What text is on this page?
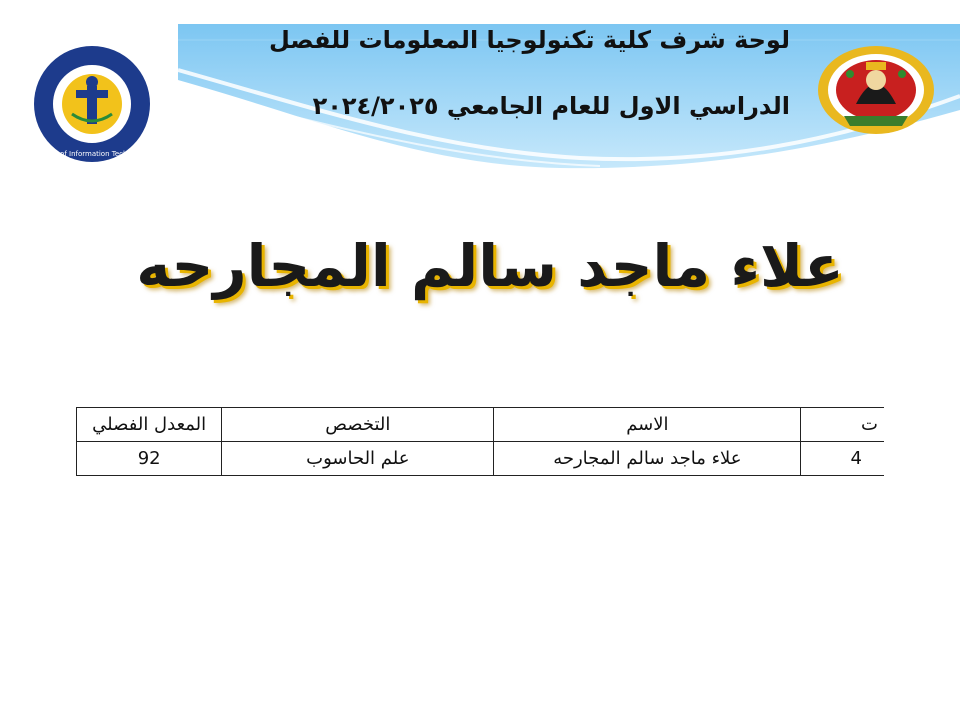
لوحة شرف كلية تكنولوجيا المعلومات للفصل
الدراسي الاول للعام الجامعي ٢٠٢٤/٢٠٢٥
Faculty of Information Technology
علاء ماجد سالم المجارحه
ت	الاسم	التخصص	المعدل الفصلي
4	علاء ماجد سالم المجارحه	علم الحاسوب	92
